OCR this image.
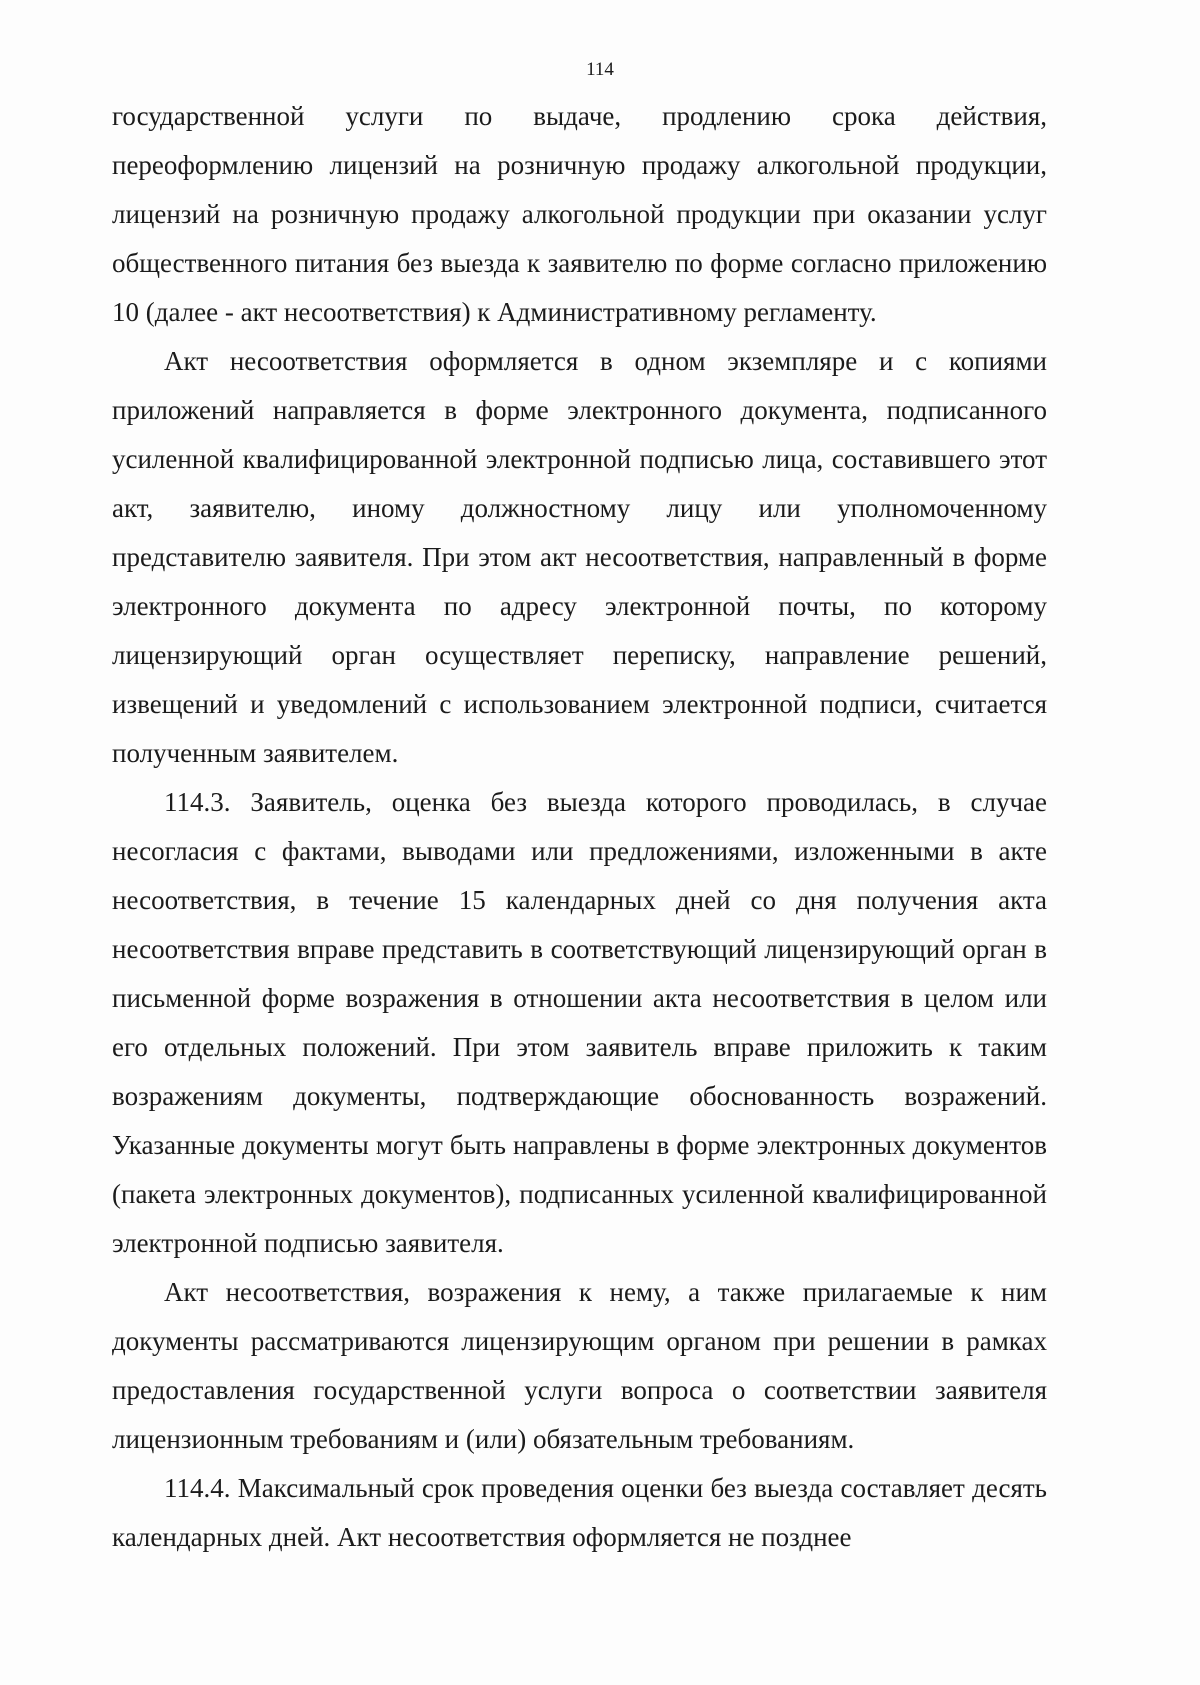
114

государственной услуги по выдаче, продлению срока действия, переоформлению лицензий на розничную продажу алкогольной продукции, лицензий на розничную продажу алкогольной продукции при оказании услуг общественного питания без выезда к заявителю по форме согласно приложению 10 (далее - акт несоответствия) к Административному регламенту.

Акт несоответствия оформляется в одном экземпляре и с копиями приложений направляется в форме электронного документа, подписанного усиленной квалифицированной электронной подписью лица, составившего этот акт, заявителю, иному должностному лицу или уполномоченному представителю заявителя. При этом акт несоответствия, направленный в форме электронного документа по адресу электронной почты, по которому лицензирующий орган осуществляет переписку, направление решений, извещений и уведомлений с использованием электронной подписи, считается полученным заявителем.

114.3. Заявитель, оценка без выезда которого проводилась, в случае несогласия с фактами, выводами или предложениями, изложенными в акте несоответствия, в течение 15 календарных дней со дня получения акта несоответствия вправе представить в соответствующий лицензирующий орган в письменной форме возражения в отношении акта несоответствия в целом или его отдельных положений. При этом заявитель вправе приложить к таким возражениям документы, подтверждающие обоснованность возражений. Указанные документы могут быть направлены в форме электронных документов (пакета электронных документов), подписанных усиленной квалифицированной электронной подписью заявителя.

Акт несоответствия, возражения к нему, а также прилагаемые к ним документы рассматриваются лицензирующим органом при решении в рамках предоставления государственной услуги вопроса о соответствии заявителя лицензионным требованиям и (или) обязательным требованиям.

114.4. Максимальный срок проведения оценки без выезда составляет десять календарных дней. Акт несоответствия оформляется не позднее
